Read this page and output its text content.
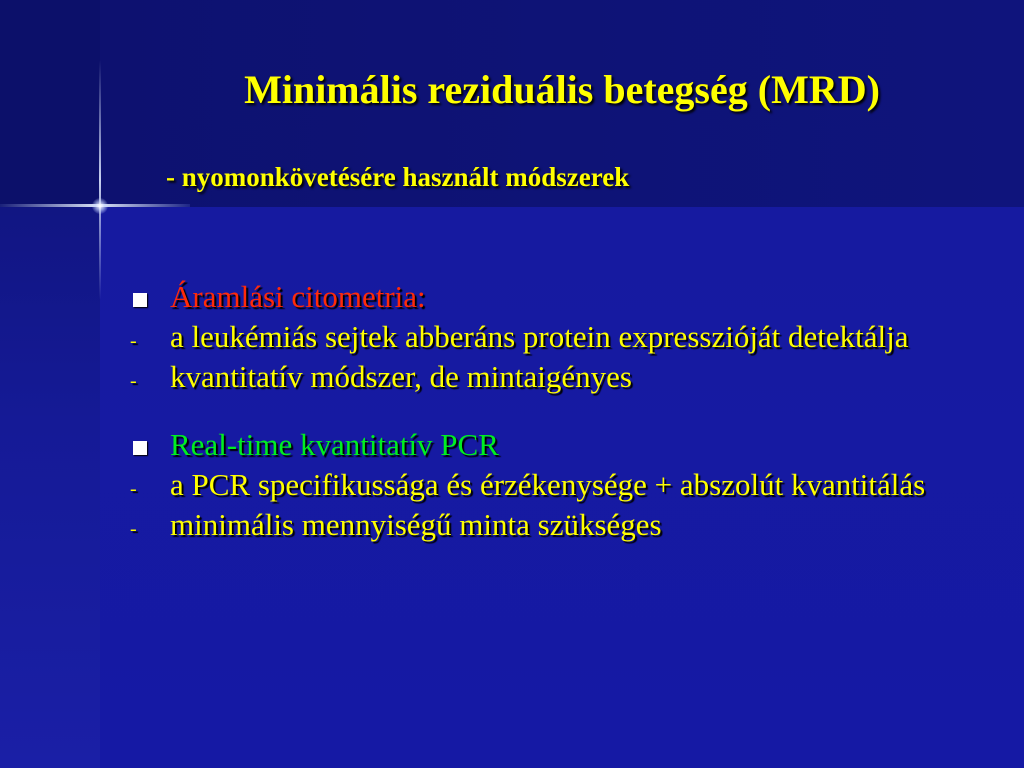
Minimális reziduális betegség (MRD)
- nyomonkövetésére használt módszerek
Áramlási citometria:
-	a leukémiás sejtek abberáns protein expresszióját detektálja
-	kvantitatív módszer, de mintaigényes
Real-time kvantitatív PCR
-	a PCR specifikussága és érzékenysége + abszolút kvantitálás
-	minimális mennyiségű minta szükséges
